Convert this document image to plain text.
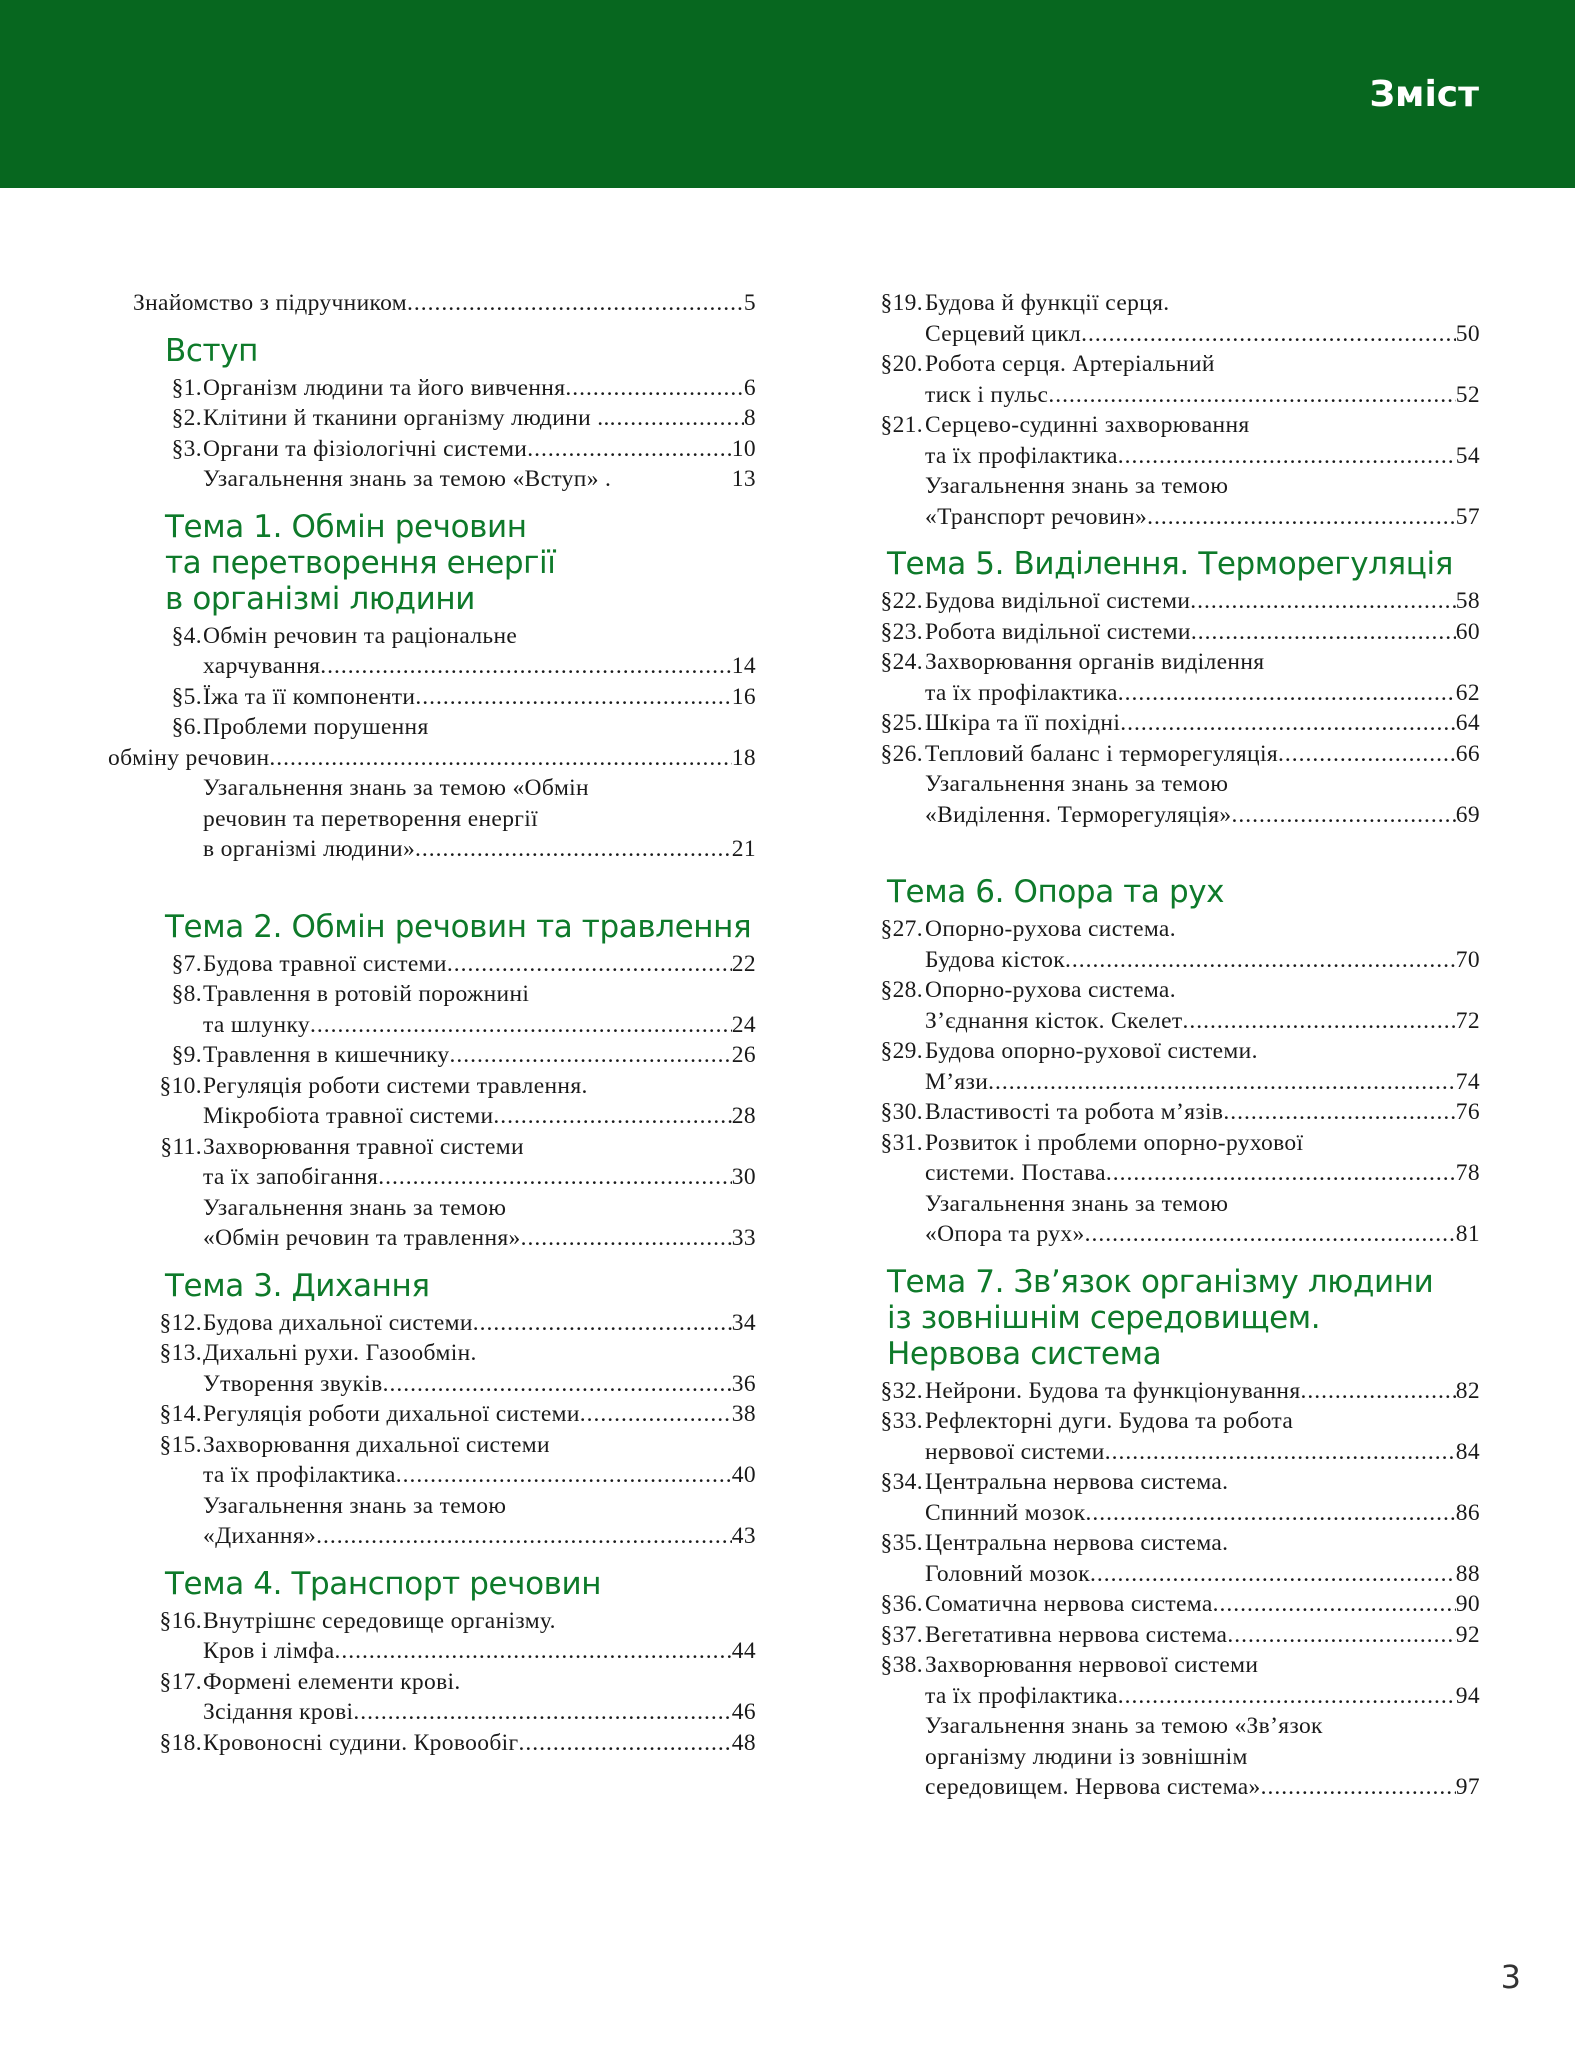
Зміст
Знайомство з підручником .....	5
Вступ
§1. Організм людини та його вивчення .....	6
§2. Клітини й тканини організму людини .. .....	8
§3. Органи та фізіологічні системи .....	10
Узагальнення знань за темою «Вступ» .	13
Тема 1. Обмін речовин
та перетворення енергії
в організмі людини
§4. Обмін речовин та раціональне
харчування .....	14
§5. Їжа та її компоненти .....	16
§6. Проблеми порушення
обміну речовин .....	18
Узагальнення знань за темою «Обмін
речовин та перетворення енергії
в організмі людини» .....	21
Тема 2. Обмін речовин та травлення
§7. Будова травної системи .....	22
§8. Травлення в ротовій порожнині
та шлунку .....	24
§9. Травлення в кишечнику .....	26
§10. Регуляція роботи системи травлення.
Мікробіота травної системи .....	28
§11. Захворювання травної системи
та їх запобігання .....	30
Узагальнення знань за темою
«Обмін речовин та травлення» .....	33
Тема 3. Дихання
§12. Будова дихальної системи .....	34
§13. Дихальні рухи. Газообмін.
Утворення звуків .....	36
§14. Регуляція роботи дихальної системи .....	38
§15. Захворювання дихальної системи
та їх профілактика .....	40
Узагальнення знань за темою
«Дихання» .....	43
Тема 4. Транспорт речовин
§16. Внутрішнє середовище організму.
Кров і лімфа .....	44
§17. Формені елементи крові.
Зсідання крові .....	46
§18. Кровоносні судини. Кровообіг .....	48
§19. Будова й функції серця.
Серцевий цикл .....	50
§20. Робота серця. Артеріальний
тиск і пульс .....	52
§21. Серцево-судинні захворювання
та їх профілактика .....	54
Узагальнення знань за темою
«Транспорт речовин» .....	57
Тема 5. Виділення. Терморегуляція
§22. Будова видільної системи .....	58
§23. Робота видільної системи .....	60
§24. Захворювання органів виділення
та їх профілактика .....	62
§25. Шкіра та її похідні .....	64
§26. Тепловий баланс і терморегуляція .....	66
Узагальнення знань за темою
«Виділення. Терморегуляція» .....	69
Тема 6. Опора та рух
§27. Опорно-рухова система.
Будова кісток .....	70
§28. Опорно-рухова система.
З’єднання кісток. Скелет .....	72
§29. Будова опорно-рухової системи.
М’язи .....	74
§30. Властивості та робота м’язів .....	76
§31. Розвиток і проблеми опорно-рухової
системи. Постава .....	78
Узагальнення знань за темою
«Опора та рух» .....	81
Тема 7. Зв’язок організму людини
із зовнішнім середовищем.
Нервова система
§32. Нейрони. Будова та функціонування .....	82
§33. Рефлекторні дуги. Будова та робота
нервової системи .....	84
§34. Центральна нервова система.
Спинний мозок .....	86
§35. Центральна нервова система.
Головний мозок .....	88
§36. Соматична нервова система .....	90
§37. Вегетативна нервова система .....	92
§38. Захворювання нервової системи
та їх профілактика .....	94
Узагальнення знань за темою «Зв’язок
організму людини із зовнішнім
середовищем. Нервова система» .....	97
3
